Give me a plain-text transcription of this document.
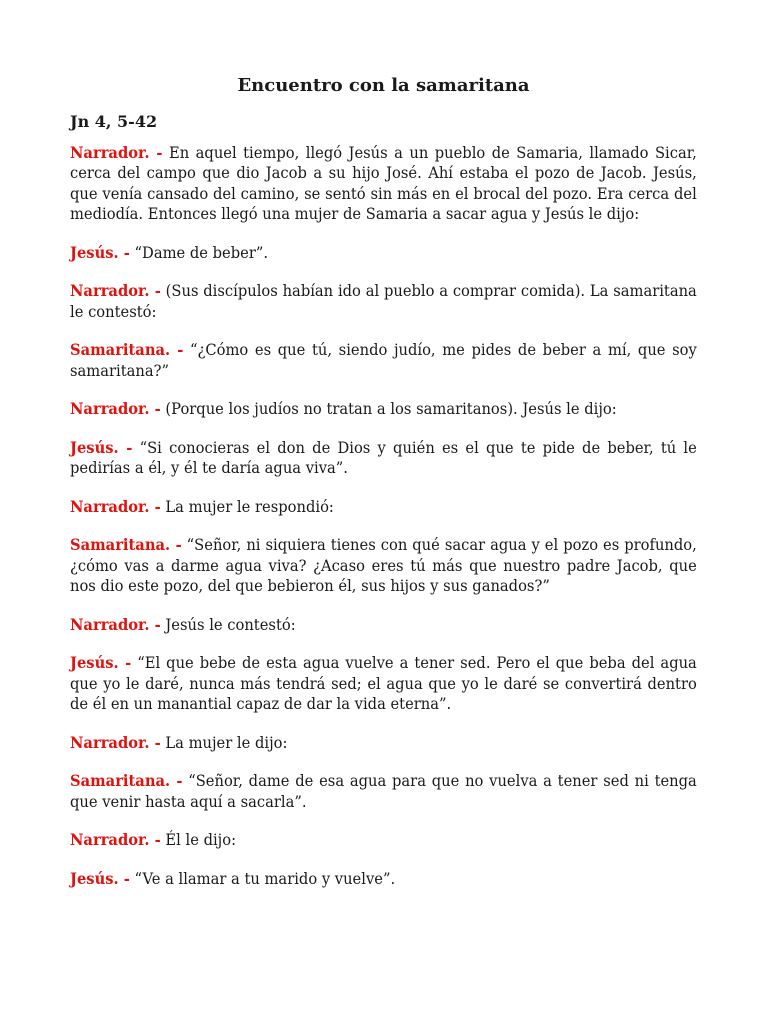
Encuentro con la samaritana
Jn 4, 5-42

Narrador. - En aquel tiempo, llegó Jesús a un pueblo de Samaria, llamado Sicar, cerca del campo que dio Jacob a su hijo José. Ahí estaba el pozo de Jacob. Jesús, que venía cansado del camino, se sentó sin más en el brocal del pozo. Era cerca del mediodía. Entonces llegó una mujer de Samaria a sacar agua y Jesús le dijo:

Jesús. - “Dame de beber”.

Narrador. - (Sus discípulos habían ido al pueblo a comprar comida). La samaritana le contestó:

Samaritana. - “¿Cómo es que tú, siendo judío, me pides de beber a mí, que soy samaritana?”

Narrador. - (Porque los judíos no tratan a los samaritanos). Jesús le dijo:

Jesús. - “Si conocieras el don de Dios y quién es el que te pide de beber, tú le pedirías a él, y él te daría agua viva”.

Narrador. - La mujer le respondió:

Samaritana. - “Señor, ni siquiera tienes con qué sacar agua y el pozo es profundo, ¿cómo vas a darme agua viva? ¿Acaso eres tú más que nuestro padre Jacob, que nos dio este pozo, del que bebieron él, sus hijos y sus ganados?”

Narrador. - Jesús le contestó:

Jesús. - “El que bebe de esta agua vuelve a tener sed. Pero el que beba del agua que yo le daré, nunca más tendrá sed; el agua que yo le daré se convertirá dentro de él en un manantial capaz de dar la vida eterna”.

Narrador. - La mujer le dijo:

Samaritana. - “Señor, dame de esa agua para que no vuelva a tener sed ni tenga que venir hasta aquí a sacarla”.

Narrador. - Él le dijo:

Jesús. - “Ve a llamar a tu marido y vuelve”.
